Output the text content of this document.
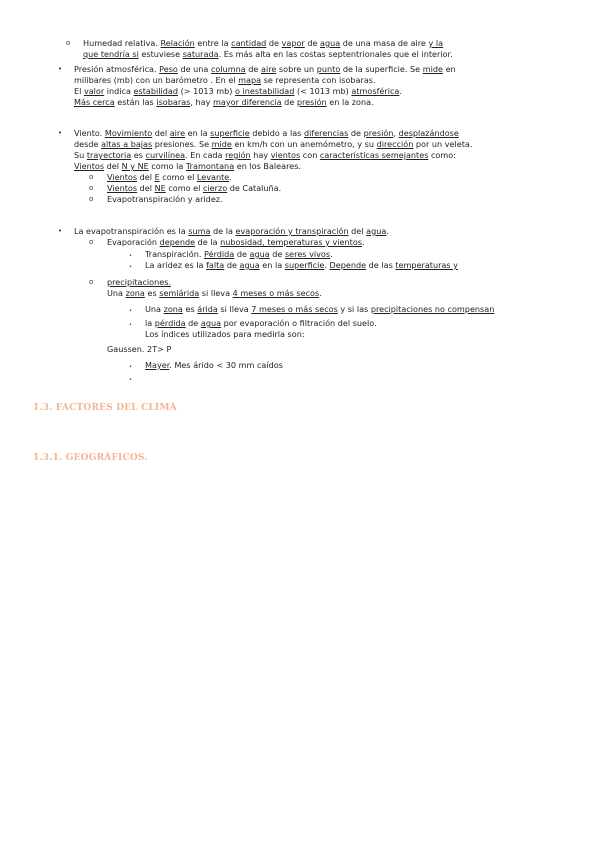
o Humedad relativa. Relación entre la cantidad de vapor de agua de una masa de aire y la
que tendría si estuviese saturada. Es más alta en las costas septentrionales que el interior.
• Presión atmosférica. Peso de una columna de aire sobre un punto de la superficie. Se mide en
milibares (mb) con un barómetro . En el mapa se representa con isobaras.
El valor indica estabilidad (> 1013 mb) o inestabilidad (< 1013 mb) atmosférica.
Más cerca están las isobaras, hay mayor diferencia de presión en la zona.
• Viento. Movimiento del aire en la superficie debido a las diferencias de presión, desplazándose
desde altas a bajas presiones. Se mide en km/h con un anemómetro, y su dirección por un veleta.
Su trayectoria es curvilínea. En cada región hay vientos con características semejantes como:
Vientos del N y NE como la Tramontana en los Baleares.
o Vientos del E como el Levante.
o Vientos del NE como el cierzo de Cataluña.
o Evapotranspiración y aridez.
• La evapotranspiración es la suma de la evaporación y transpiración del agua.
o Evaporación depende de la nubosidad, temperaturas y vientos.
• Transpiración. Pérdida de agua de seres vivos.
• La aridez es la falta de agua en la superficie. Depende de las temperaturas y
o precipitaciones.
Una zona es semiárida si lleva 4 meses o más secos.
• Una zona es árida si lleva 7 meses o más secos y si las precipitaciones no compensan
• la pérdida de agua por evaporación o filtración del suelo.
Los índices utilizados para medirla son:
Gaussen. 2T> P
• Mayer. Mes árido < 30 mm caídos
•
1.3. FACTORES DEL CLIMA
1.3.1. GEOGRÁFICOS.
